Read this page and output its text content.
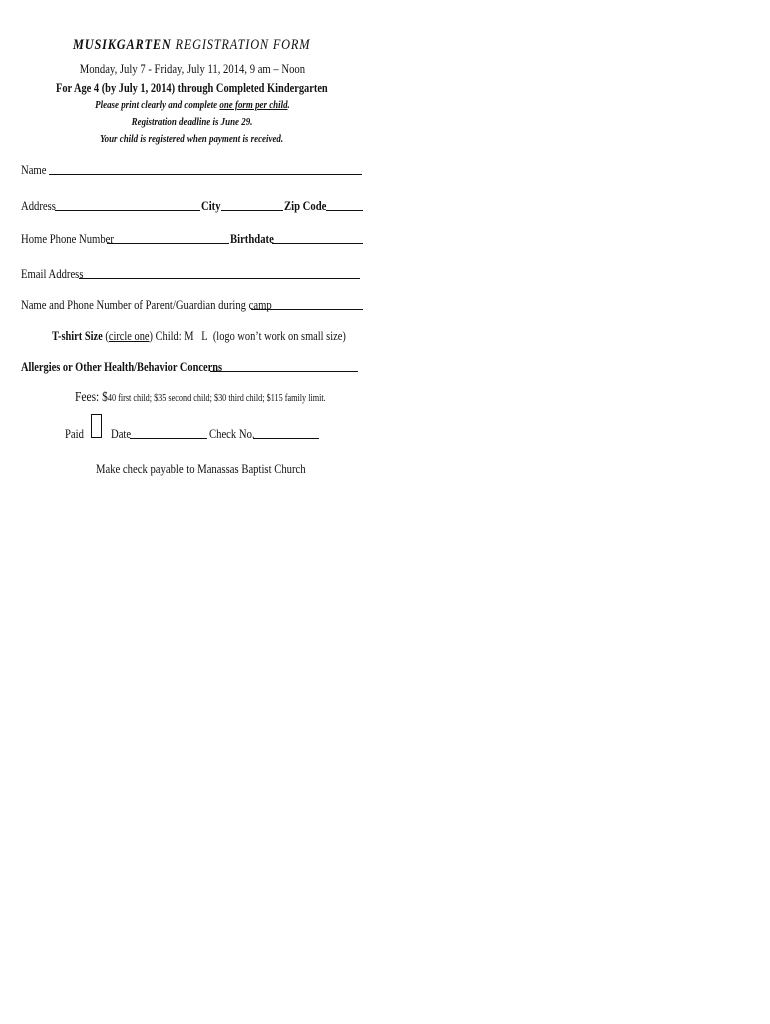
MUSIKGARTEN REGISTRATION FORM
Monday, July 7 - Friday, July 11, 2014, 9 am – Noon
For Age 4 (by July 1, 2014) through Completed Kindergarten
Please print clearly and complete one form per child.
Registration deadline is June 29.
Your child is registered when payment is received.
Name
Address	City	Zip Code
Home Phone Number	Birthdate
Email Address
Name and Phone Number of Parent/Guardian during camp
T-shirt Size (circle one) Child: M   L (logo won’t work on small size)
Allergies or Other Health/Behavior Concerns
Fees: $40 first child; $35 second child; $30 third child; $115 family limit.
Paid Date	Check No.
Make check payable to Manassas Baptist Church
